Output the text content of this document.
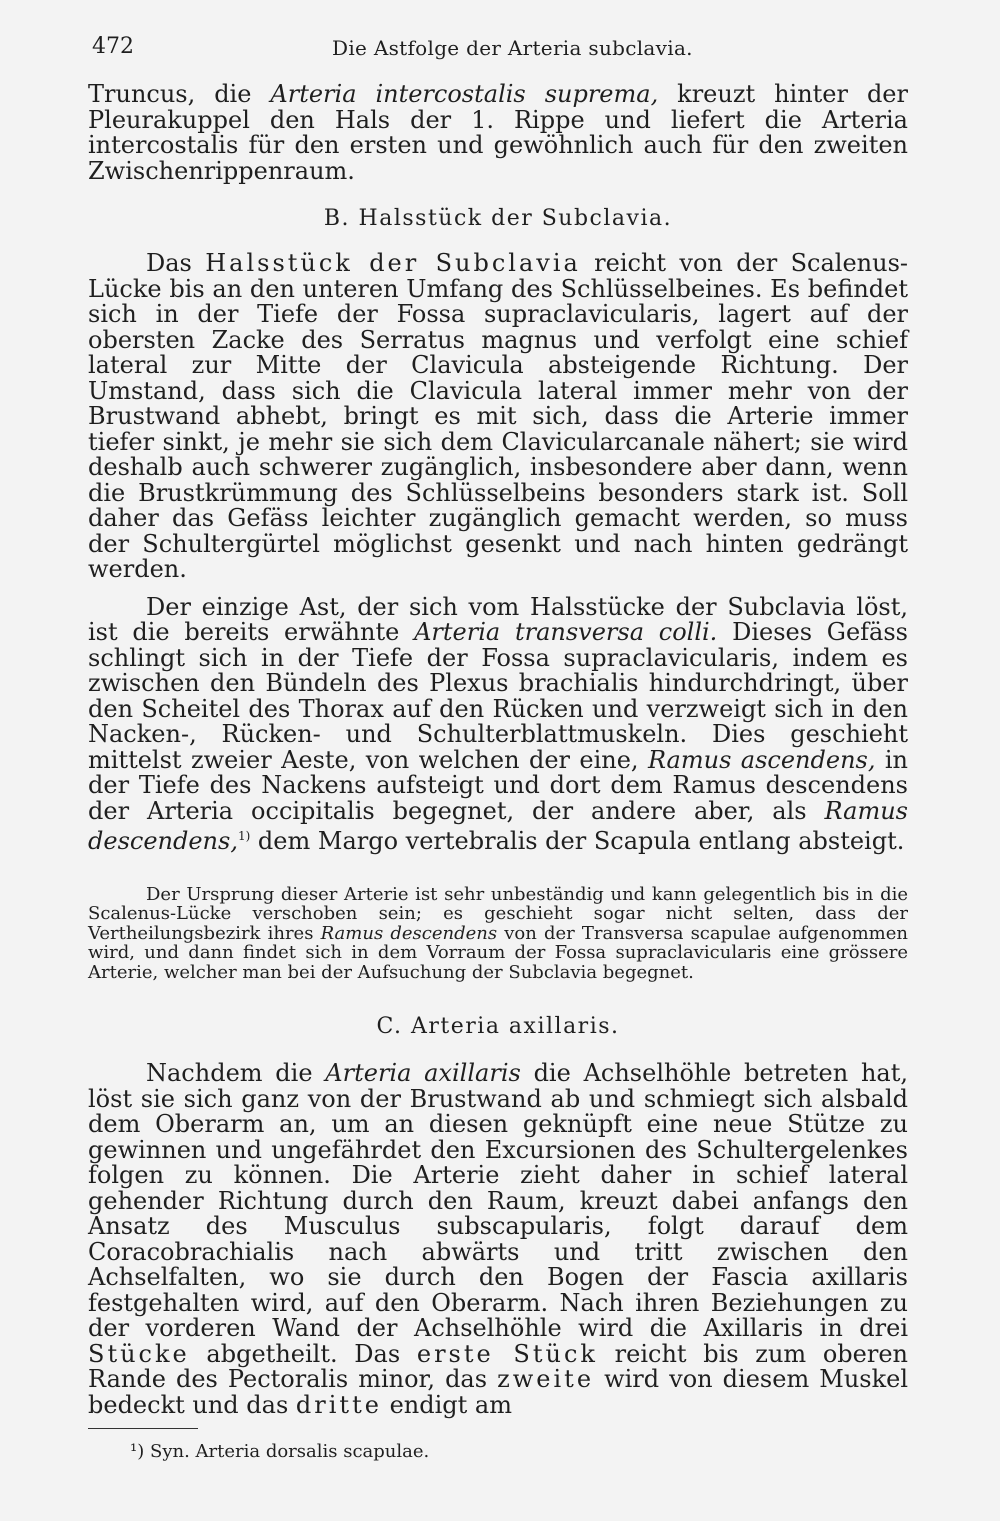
472	Die Astfolge der Arteria subclavia.

Truncus, die Arteria intercostalis suprema, kreuzt hinter der Pleurakuppel den Hals der 1. Rippe und liefert die Arteria intercostalis für den ersten und gewöhnlich auch für den zweiten Zwischenrippenraum.

B. Halsstück der Subclavia.

Das Halsstück der Subclavia reicht von der Scalenus-Lücke bis an den unteren Umfang des Schlüsselbeines. Es befindet sich in der Tiefe der Fossa supraclavicularis, lagert auf der obersten Zacke des Serratus magnus und verfolgt eine schief lateral zur Mitte der Clavicula absteigende Richtung. Der Umstand, dass sich die Clavicula lateral immer mehr von der Brustwand abhebt, bringt es mit sich, dass die Arterie immer tiefer sinkt, je mehr sie sich dem Clavicularcanale nähert; sie wird deshalb auch schwerer zugänglich, insbesondere aber dann, wenn die Brustkrümmung des Schlüsselbeins besonders stark ist. Soll daher das Gefäss leichter zugänglich gemacht werden, so muss der Schultergürtel möglichst gesenkt und nach hinten gedrängt werden.

Der einzige Ast, der sich vom Halsstücke der Subclavia löst, ist die bereits erwähnte Arteria transversa colli. Dieses Gefäss schlingt sich in der Tiefe der Fossa supraclavicularis, indem es zwischen den Bündeln des Plexus brachialis hindurchdringt, über den Scheitel des Thorax auf den Rücken und verzweigt sich in den Nacken-, Rücken- und Schulterblattmuskeln. Dies geschieht mittelst zweier Aeste, von welchen der eine, Ramus ascendens, in der Tiefe des Nackens aufsteigt und dort dem Ramus descendens der Arteria occipitalis begegnet, der andere aber, als Ramus descendens,$^{1)}$ dem Margo vertebralis der Scapula entlang absteigt.

Der Ursprung dieser Arterie ist sehr unbeständig und kann gelegentlich bis in die Scalenus-Lücke verschoben sein; es geschieht sogar nicht selten, dass der Vertheilungsbezirk ihres Ramus descendens von der Transversa scapulae aufgenommen wird, und dann findet sich in dem Vorraum der Fossa supraclavicularis eine grössere Arterie, welcher man bei der Aufsuchung der Subclavia begegnet.

C. Arteria axillaris.

Nachdem die Arteria axillaris die Achselhöhle betreten hat, löst sie sich ganz von der Brustwand ab und schmiegt sich alsbald dem Oberarm an, um an diesen geknüpft eine neue Stütze zu gewinnen und ungefährdet den Excursionen des Schultergelenkes folgen zu können. Die Arterie zieht daher in schief lateral gehender Richtung durch den Raum, kreuzt dabei anfangs den Ansatz des Musculus subscapularis, folgt darauf dem Coracobrachialis nach abwärts und tritt zwischen den Achselfalten, wo sie durch den Bogen der Fascia axillaris festgehalten wird, auf den Oberarm. Nach ihren Beziehungen zu der vorderen Wand der Achselhöhle wird die Axillaris in drei Stücke abgetheilt. Das erste Stück reicht bis zum oberen Rande des Pectoralis minor, das zweite wird von diesem Muskel bedeckt und das dritte endigt am

¹) Syn. Arteria dorsalis scapulae.
